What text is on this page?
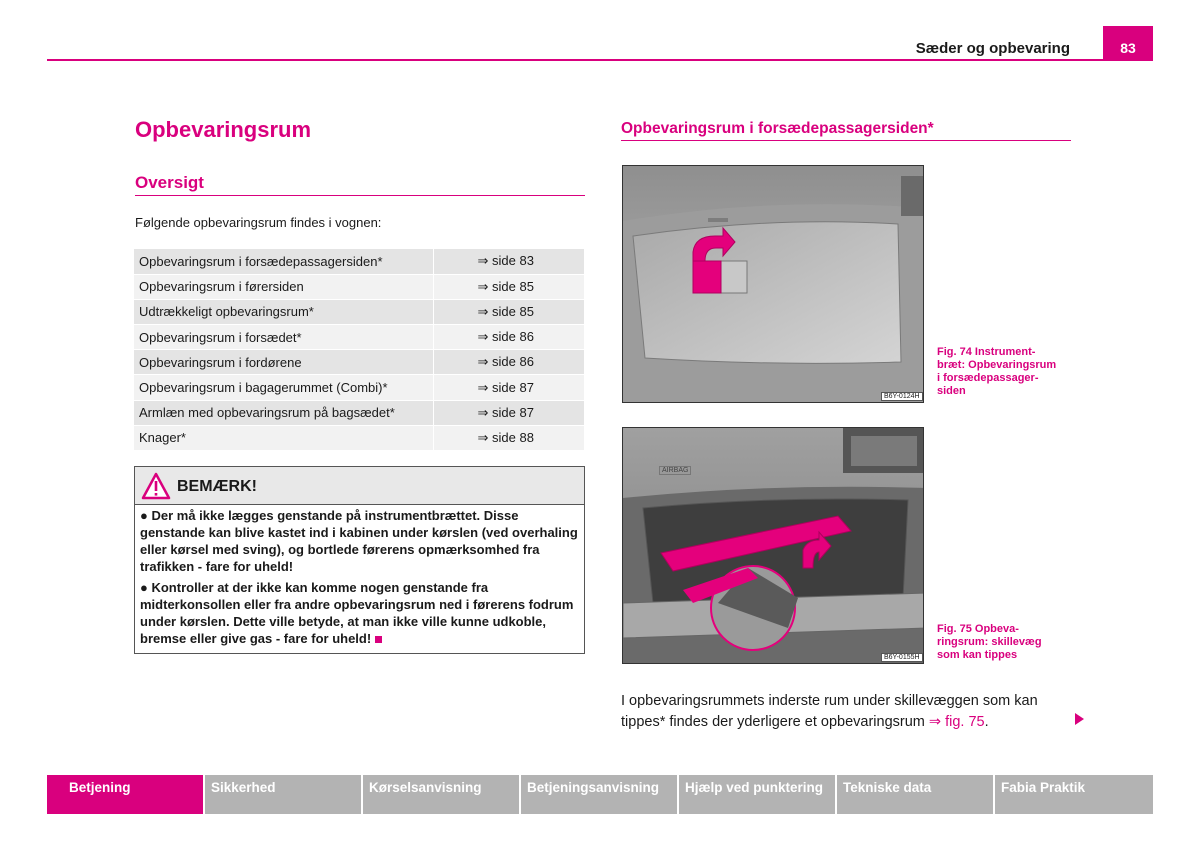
Sæder og opbevaring	83
Opbevaringsrum
Oversigt
Følgende opbevaringsrum findes i vognen:
Opbevaringsrum i forsædepassagersiden*	⇒ side 83
Opbevaringsrum i førersiden	⇒ side 85
Udtrækkeligt opbevaringsrum*	⇒ side 85
Opbevaringsrum i forsædet*	⇒ side 86
Opbevaringsrum i fordørene	⇒ side 86
Opbevaringsrum i bagagerummet (Combi)*	⇒ side 87
Armlæn med opbevaringsrum på bagsædet*	⇒ side 87
Knager*	⇒ side 88
BEMÆRK!

● Der må ikke lægges genstande på instrumentbrættet. Disse genstande kan blive kastet ind i kabinen under kørslen (ved overhaling eller kørsel med sving), og bortlede førerens opmærksomhed fra trafikken - fare for uheld!

● Kontroller at der ikke kan komme nogen genstande fra midterkonsollen eller fra andre opbevaringsrum ned i førerens fodrum under kørslen. Dette ville betyde, at man ikke ville kunne udkoble, bremse eller give gas - fare for uheld!

Opbevaringsrum i forsædepassagersiden*
B6Y-0124H
Fig. 74 Instrument-
bræt: Opbevaringsrum
i forsædepassager-
siden
AIRBAG
B6Y-0155H
Fig. 75 Opbeva-
ringsrum: skillevæg
som kan tippes
I opbevaringsrummets inderste rum under skillevæggen som kan
tippes* findes der yderligere et opbevaringsrum ⇒ fig. 75.
Betjening	Sikkerhed	Kørselsanvisning	Betjeningsanvisning	Hjælp ved punktering	Tekniske data	Fabia Praktik
